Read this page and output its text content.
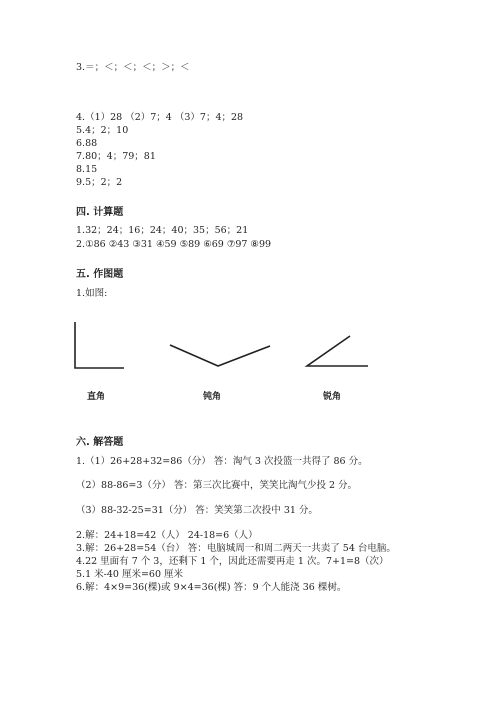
3.＝；＜；＜；＜；＞；＜
4.（1）28 （2）7；4 （3）7；4；28
5.4；2；10
6.88
7.80；4；79；81
8.15
9.5；2；2
四. 计算题
1.32；24；16；24；40；35；56；21
2.①86 ②43 ③31 ④59 ⑤89 ⑥69 ⑦97 ⑧99
五. 作图题
1.如图:
直角	钝角	锐角
六. 解答题
1.（1）26+28+32=86（分） 答：淘气 3 次投篮一共得了 86 分。
（2）88-86=3（分） 答：第三次比赛中，笑笑比淘气少投 2 分。
（3）88-32-25=31（分） 答：笑笑第二次投中 31 分。
2.解：24+18=42（人） 24-18=6（人）
3.解：26+28=54（台） 答：电脑城周一和周二两天一共卖了 54 台电脑。
4.22 里面有 7 个 3，还剩下 1 个，因此还需要再走 1 次。7+1=8（次）
5.1 米-40 厘米=60 厘米
6.解：4×9=36(棵)或 9×4=36(棵) 答：9 个人能浇 36 棵树。
